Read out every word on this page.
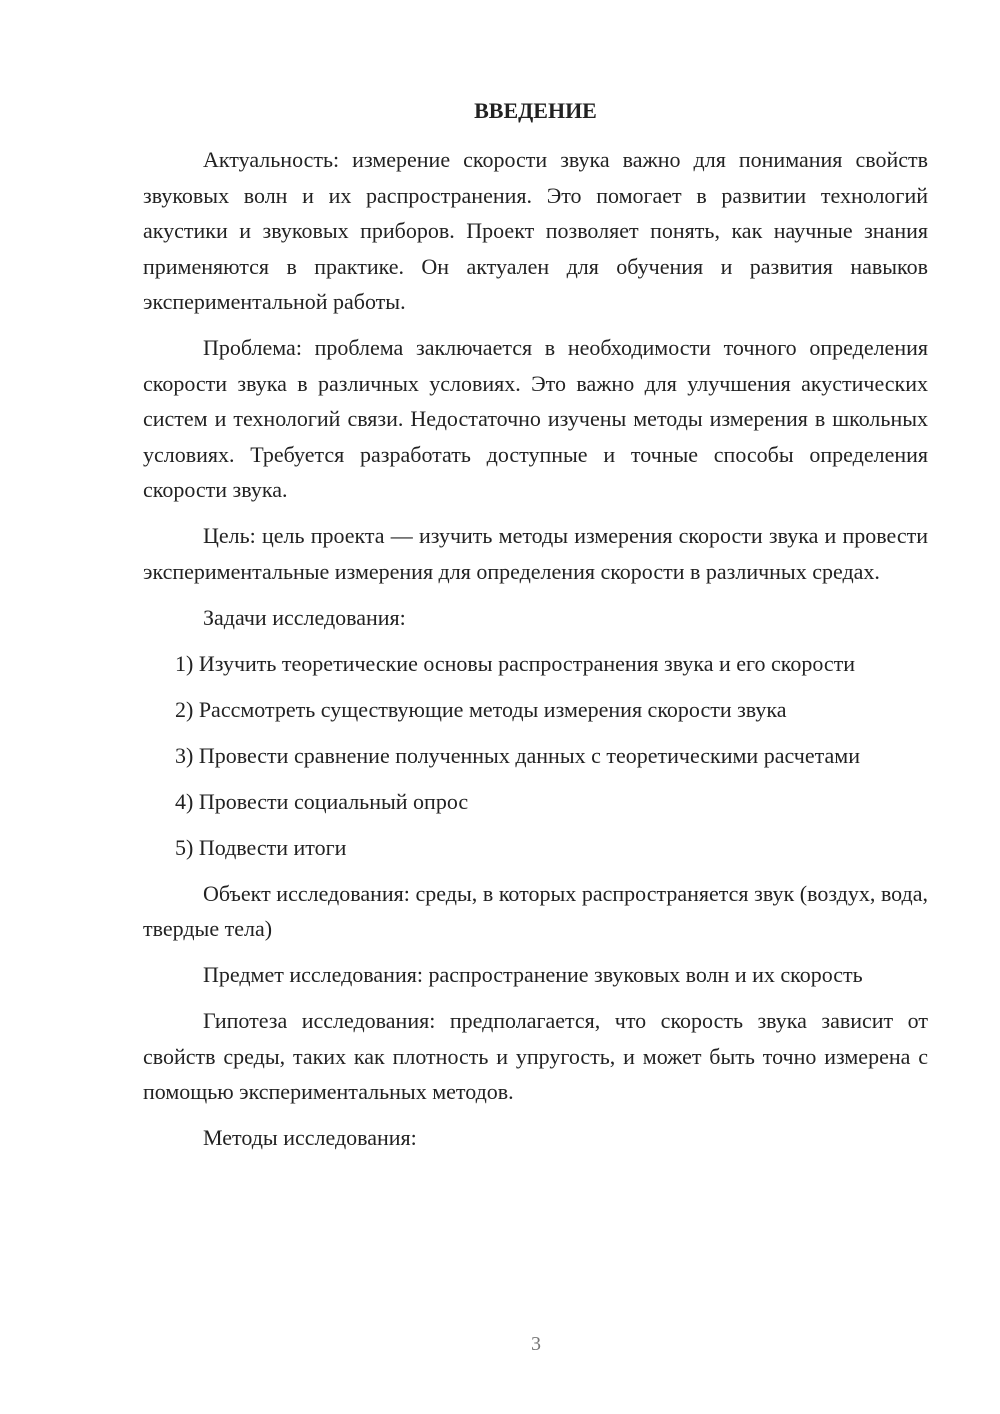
ВВЕДЕНИЕ

Актуальность: измерение скорости звука важно для понимания свойств звуковых волн и их распространения. Это помогает в развитии технологий акустики и звуковых приборов. Проект позволяет понять, как научные знания применяются в практике. Он актуален для обучения и развития навыков экспериментальной работы.

Проблема: проблема заключается в необходимости точного определения скорости звука в различных условиях. Это важно для улучшения акустических систем и технологий связи. Недостаточно изучены методы измерения в школьных условиях. Требуется разработать доступные и точные способы определения скорости звука.

Цель: цель проекта — изучить методы измерения скорости звука и провести экспериментальные измерения для определения скорости в различных средах.

Задачи исследования:

1) Изучить теоретические основы распространения звука и его скорости

2) Рассмотреть существующие методы измерения скорости звука

3) Провести сравнение полученных данных с теоретическими расчетами

4) Провести социальный опрос

5) Подвести итоги

Объект исследования: среды, в которых распространяется звук (воздух, вода, твердые тела)

Предмет исследования: распространение звуковых волн и их скорость

Гипотеза исследования: предполагается, что скорость звука зависит от свойств среды, таких как плотность и упругость, и может быть точно измерена с помощью экспериментальных методов.

Методы исследования:

3
